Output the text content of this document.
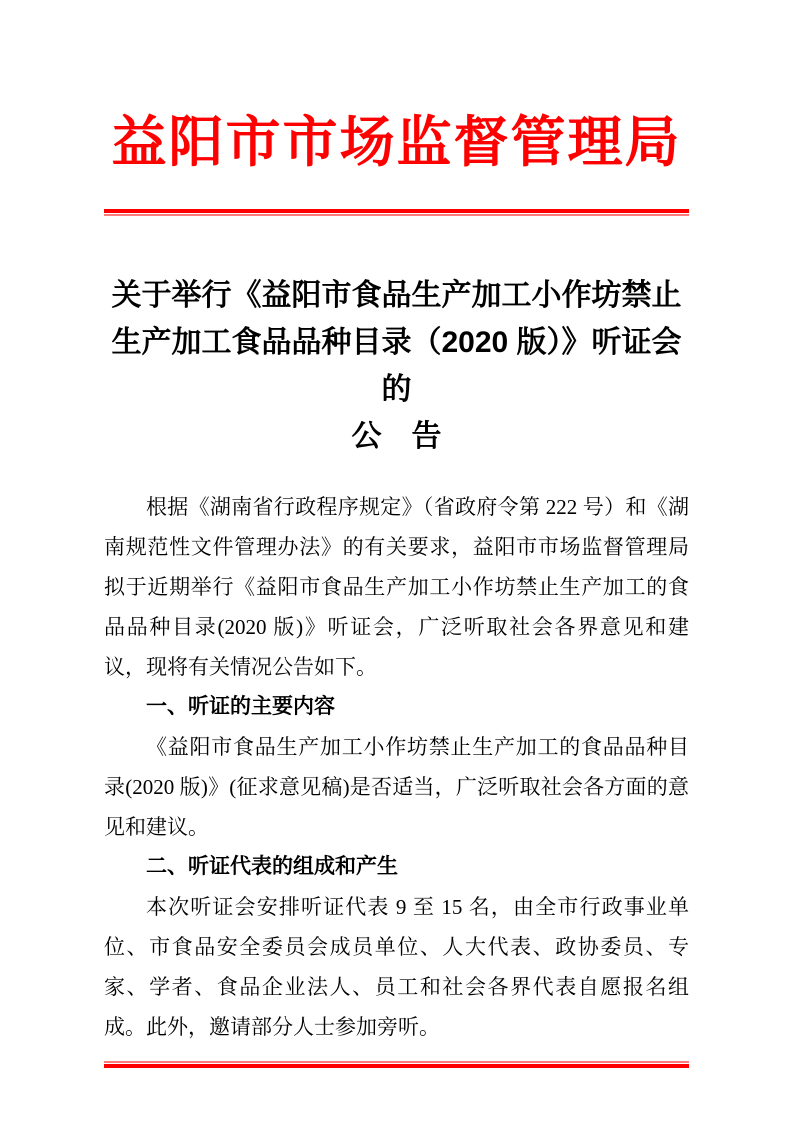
益阳市市场监督管理局
关于举行《益阳市食品生产加工小作坊禁止
生产加工食品品种目录（2020 版）》听证会的
公　告

根据《湖南省行政程序规定》（省政府令第 222 号）和《湖南规范性文件管理办法》的有关要求，益阳市市场监督管理局拟于近期举行《益阳市食品生产加工小作坊禁止生产加工的食品品种目录(2020 版)》听证会，广泛听取社会各界意见和建议，现将有关情况公告如下。

一、听证的主要内容

《益阳市食品生产加工小作坊禁止生产加工的食品品种目录(2020 版)》(征求意见稿)是否适当，广泛听取社会各方面的意见和建议。

二、听证代表的组成和产生

本次听证会安排听证代表 9 至 15 名，由全市行政事业单位、市食品安全委员会成员单位、人大代表、政协委员、专家、学者、食品企业法人、员工和社会各界代表自愿报名组成。此外，邀请部分人士参加旁听。
